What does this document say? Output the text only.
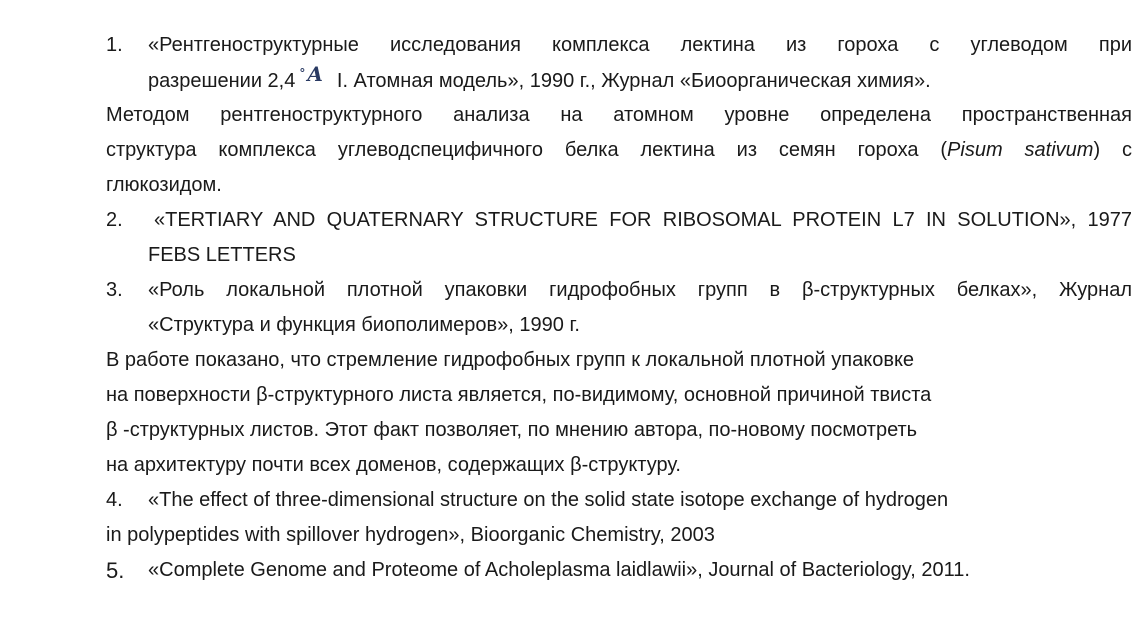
1.	«Рентгеноструктурные исследования комплекса лектина из гороха с углеводом при
разрешении 2,4 ° A I. Атомная модель», 1990 г., Журнал «Биоорганическая химия».
Методом рентгеноструктурного анализа на атомном уровне определена пространственная
структура комплекса углеводспецифичного белка лектина из семян гороха (Pisum sativum) с
глюкозидом.
2.	«TERTIARY AND QUATERNARY STRUCTURE FOR RIBOSOMAL PROTEIN L7 IN SOLUTION», 1977
FEBS LETTERS
3.	«Роль локальной плотной упаковки гидрофобных групп в β-структурных белках», Журнал
«Структура и функция биополимеров», 1990 г.
В работе показано, что стремление гидрофобных групп к локальной плотной упаковке
на поверхности β-структурного листа является, по-видимому, основной причиной твиста
β -структурных листов. Этот факт позволяет, по мнению автора, по-новому посмотреть
на архитектуру почти всех доменов, содержащих β-структуру.
4.	«The effect of three-dimensional structure on the solid state isotope exchange of hydrogen
in polypeptides with spillover hydrogen», Bioorganic Chemistry, 2003
5.	«Complete Genome and Proteome of Acholeplasma laidlawii», Journal of Bacteriology, 2011.
